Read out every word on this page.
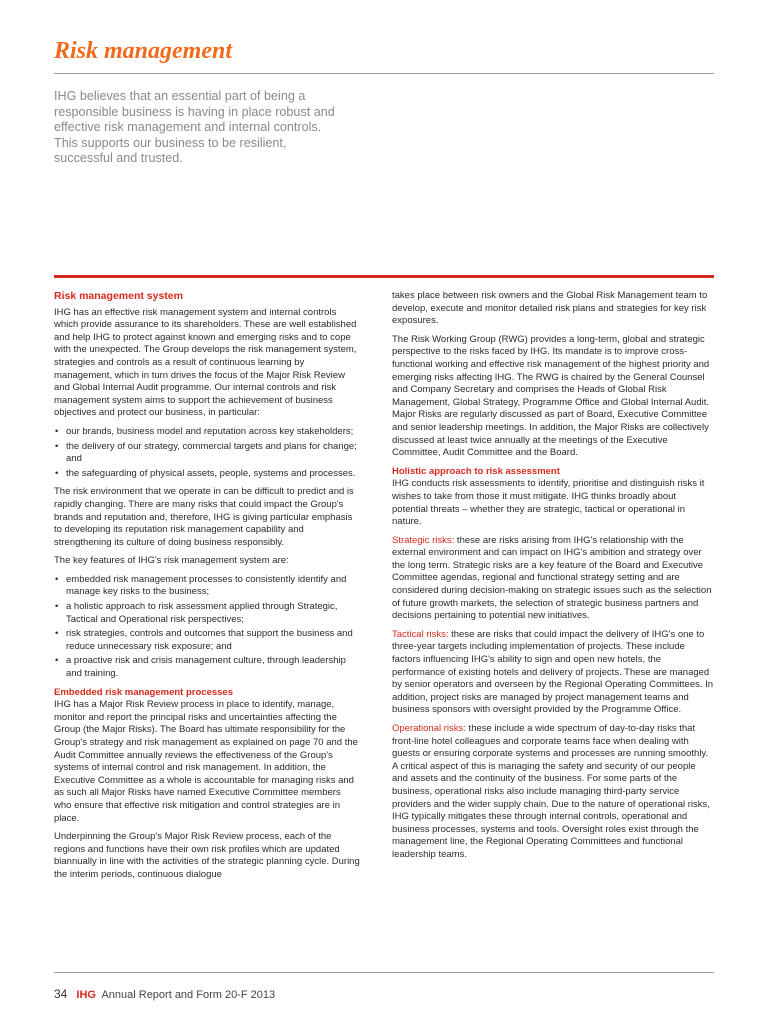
Risk management
IHG believes that an essential part of being a responsible business is having in place robust and effective risk management and internal controls. This supports our business to be resilient, successful and trusted.
Risk management system
IHG has an effective risk management system and internal controls which provide assurance to its shareholders. These are well established and help IHG to protect against known and emerging risks and to cope with the unexpected. The Group develops the risk management system, strategies and controls as a result of continuous learning by management, which in turn drives the focus of the Major Risk Review and Global Internal Audit programme. Our internal controls and risk management system aims to support the achievement of business objectives and protect our business, in particular:
• our brands, business model and reputation across key stakeholders;
• the delivery of our strategy, commercial targets and plans for change; and
• the safeguarding of physical assets, people, systems and processes.
The risk environment that we operate in can be difficult to predict and is rapidly changing. There are many risks that could impact the Group's brands and reputation and, therefore, IHG is giving particular emphasis to developing its reputation risk management capability and strengthening its culture of doing business responsibly.
The key features of IHG's risk management system are:
• embedded risk management processes to consistently identify and manage key risks to the business;
• a holistic approach to risk assessment applied through Strategic, Tactical and Operational risk perspectives;
• risk strategies, controls and outcomes that support the business and reduce unnecessary risk exposure; and
• a proactive risk and crisis management culture, through leadership and training.
Embedded risk management processes
IHG has a Major Risk Review process in place to identify, manage, monitor and report the principal risks and uncertainties affecting the Group (the Major Risks). The Board has ultimate responsibility for the Group's strategy and risk management as explained on page 70 and the Audit Committee annually reviews the effectiveness of the Group's systems of internal control and risk management. In addition, the Executive Committee as a whole is accountable for managing risks and as such all Major Risks have named Executive Committee members who ensure that effective risk mitigation and control strategies are in place.
Underpinning the Group's Major Risk Review process, each of the regions and functions have their own risk profiles which are updated biannually in line with the activities of the strategic planning cycle. During the interim periods, continuous dialogue
takes place between risk owners and the Global Risk Management team to develop, execute and monitor detailed risk plans and strategies for key risk exposures.
The Risk Working Group (RWG) provides a long-term, global and strategic perspective to the risks faced by IHG. Its mandate is to improve cross-functional working and effective risk management of the highest priority and emerging risks affecting IHG. The RWG is chaired by the General Counsel and Company Secretary and comprises the Heads of Global Risk Management, Global Strategy, Programme Office and Global Internal Audit. Major Risks are regularly discussed as part of Board, Executive Committee and senior leadership meetings. In addition, the Major Risks are collectively discussed at least twice annually at the meetings of the Executive Committee, Audit Committee and the Board.
Holistic approach to risk assessment
IHG conducts risk assessments to identify, prioritise and distinguish risks it wishes to take from those it must mitigate. IHG thinks broadly about potential threats – whether they are strategic, tactical or operational in nature.
Strategic risks: these are risks arising from IHG's relationship with the external environment and can impact on IHG's ambition and strategy over the long term. Strategic risks are a key feature of the Board and Executive Committee agendas, regional and functional strategy setting and are considered during decision-making on strategic issues such as the selection of future growth markets, the selection of strategic business partners and decisions pertaining to potential new initiatives.
Tactical risks: these are risks that could impact the delivery of IHG's one to three-year targets including implementation of projects. These include factors influencing IHG's ability to sign and open new hotels, the performance of existing hotels and delivery of projects. These are managed by senior operators and overseen by the Regional Operating Committees. In addition, project risks are managed by project management teams and business sponsors with oversight provided by the Programme Office.
Operational risks: these include a wide spectrum of day-to-day risks that front-line hotel colleagues and corporate teams face when dealing with guests or ensuring corporate systems and processes are running smoothly. A critical aspect of this is managing the safety and security of our people and assets and the continuity of the business. For some parts of the business, operational risks also include managing third-party service providers and the wider supply chain. Due to the nature of operational risks, IHG typically mitigates these through internal controls, operational and business processes, systems and tools. Oversight roles exist through the management line, the Regional Operating Committees and functional leadership teams.
34 IHG Annual Report and Form 20-F 2013
